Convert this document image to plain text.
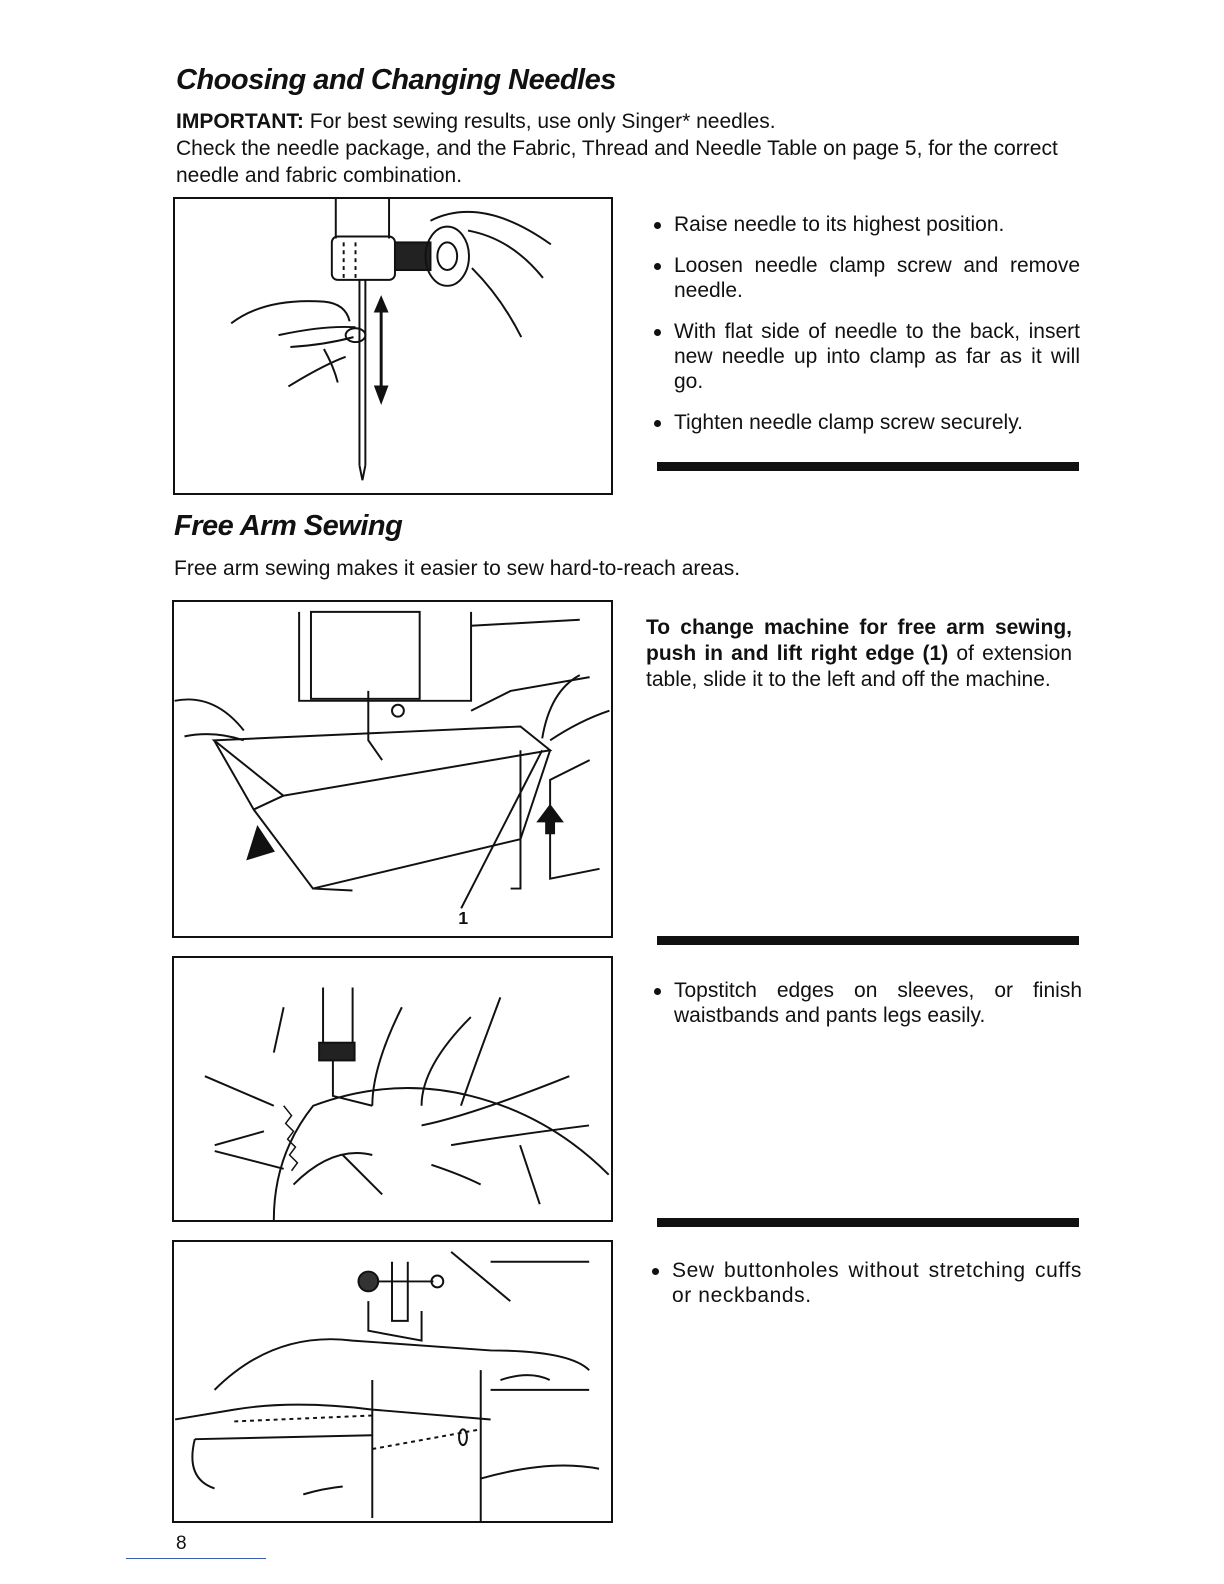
Choosing and Changing Needles

IMPORTANT: For best sewing results, use only Singer* needles.

Check the needle package, and the Fabric, Thread and Needle Table on page 5, for the correct needle and fabric combination.

Raise needle to its highest position.
Loosen needle clamp screw and remove needle.
With flat side of needle to the back, insert new needle up into clamp as far as it will go.
Tighten needle clamp screw securely.
Free Arm Sewing

Free arm sewing makes it easier to sew hard-to-reach areas.

1

To change machine for free arm sewing, push in and lift right edge (1) of extension table, slide it to the left and off the machine.

Topstitch edges on sleeves, or finish waistbands and pants legs easily.
Sew buttonholes without stretching cuffs or neckbands.
8
